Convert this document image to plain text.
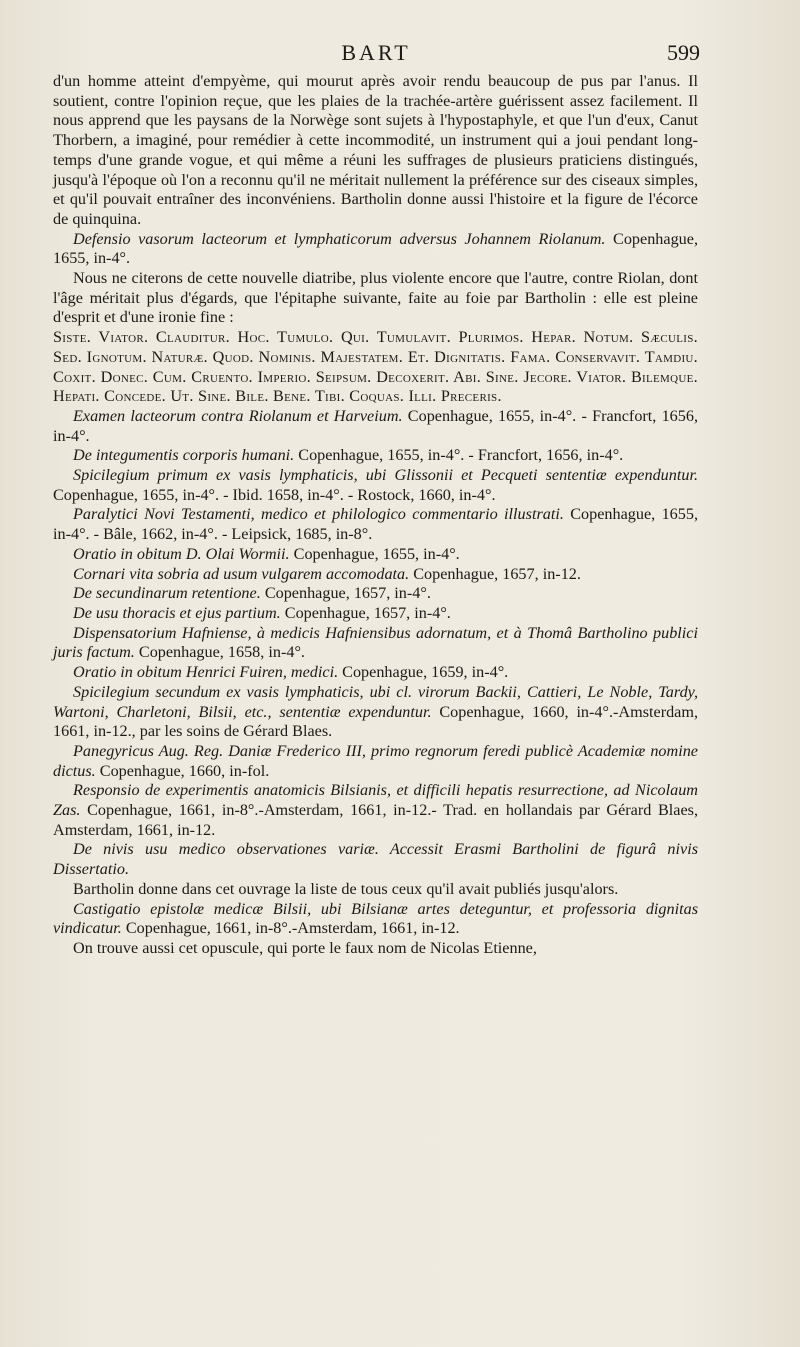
BART	599

d'un homme atteint d'empyème, qui mourut après avoir rendu beaucoup de pus par l'anus. Il soutient, contre l'opinion reçue, que les plaies de la trachée-artère guérissent assez facilement. Il nous apprend que les paysans de la Norwège sont sujets à l'hypostaphyle, et que l'un d'eux, Canut Thorbern, a imaginé, pour remédier à cette incommodité, un instrument qui a joui pendant long-temps d'une grande vogue, et qui même a réuni les suffrages de plusieurs praticiens distingués, jusqu'à l'époque où l'on a reconnu qu'il ne méritait nullement la préférence sur des ciseaux simples, et qu'il pouvait entraîner des inconvéniens. Bartholin donne aussi l'histoire et la figure de l'écorce de quinquina.

Defensio vasorum lacteorum et lymphaticorum adversus Johannem Riolanum. Copenhague, 1655, in-4°.

Nous ne citerons de cette nouvelle diatribe, plus violente encore que l'autre, contre Riolan, dont l'âge méritait plus d'égards, que l'épitaphe suivante, faite au foie par Bartholin : elle est pleine d'esprit et d'une ironie fine :

Siste. Viator. Clauditur. Hoc. Tumulo. Qui. Tumulavit. Plurimos. Hepar. Notum. Sæculis. Sed. Ignotum. Naturæ. Quod. Nominis. Majestatem. Et. Dignitatis. Fama. Conservavit. Tamdiu. Coxit. Donec. Cum. Cruento. Imperio. Seipsum. Decoxerit. Abi. Sine. Jecore. Viator. Bilemque. Hepati. Concede. Ut. Sine. Bile. Bene. Tibi. Coquas. Illi. Preceris.

Examen lacteorum contra Riolanum et Harveium. Copenhague, 1655, in-4°. - Francfort, 1656, in-4°.

De integumentis corporis humani. Copenhague, 1655, in-4°. - Francfort, 1656, in-4°.

Spicilegium primum ex vasis lymphaticis, ubi Glissonii et Pecqueti sententiæ expenduntur. Copenhague, 1655, in-4°. - Ibid. 1658, in-4°. - Rostock, 1660, in-4°.

Paralytici Novi Testamenti, medico et philologico commentario illustrati. Copenhague, 1655, in-4°. - Bâle, 1662, in-4°. - Leipsick, 1685, in-8°.

Oratio in obitum D. Olai Wormii. Copenhague, 1655, in-4°.

Cornari vita sobria ad usum vulgarem accomodata. Copenhague, 1657, in-12.

De secundinarum retentione. Copenhague, 1657, in-4°.

De usu thoracis et ejus partium. Copenhague, 1657, in-4°.

Dispensatorium Hafniense, à medicis Hafniensibus adornatum, et à Thomâ Bartholino publici juris factum. Copenhague, 1658, in-4°.

Oratio in obitum Henrici Fuiren, medici. Copenhague, 1659, in-4°.

Spicilegium secundum ex vasis lymphaticis, ubi cl. virorum Backii, Cattieri, Le Noble, Tardy, Wartoni, Charletoni, Bilsii, etc., sententiæ expenduntur. Copenhague, 1660, in-4°.-Amsterdam, 1661, in-12., par les soins de Gérard Blaes.

Panegyricus Aug. Reg. Daniæ Frederico III, primo regnorum feredi publicè Academiæ nomine dictus. Copenhague, 1660, in-fol.

Responsio de experimentis anatomicis Bilsianis, et difficili hepatis resurrectione, ad Nicolaum Zas. Copenhague, 1661, in-8°.-Amsterdam, 1661, in-12.- Trad. en hollandais par Gérard Blaes, Amsterdam, 1661, in-12.

De nivis usu medico observationes variæ. Accessit Erasmi Bartholini de figurâ nivis Dissertatio.

Bartholin donne dans cet ouvrage la liste de tous ceux qu'il avait publiés jusqu'alors.

Castigatio epistolæ medicæ Bilsii, ubi Bilsianæ artes deteguntur, et professoria dignitas vindicatur. Copenhague, 1661, in-8°.-Amsterdam, 1661, in-12.

On trouve aussi cet opuscule, qui porte le faux nom de Nicolas Etienne,
